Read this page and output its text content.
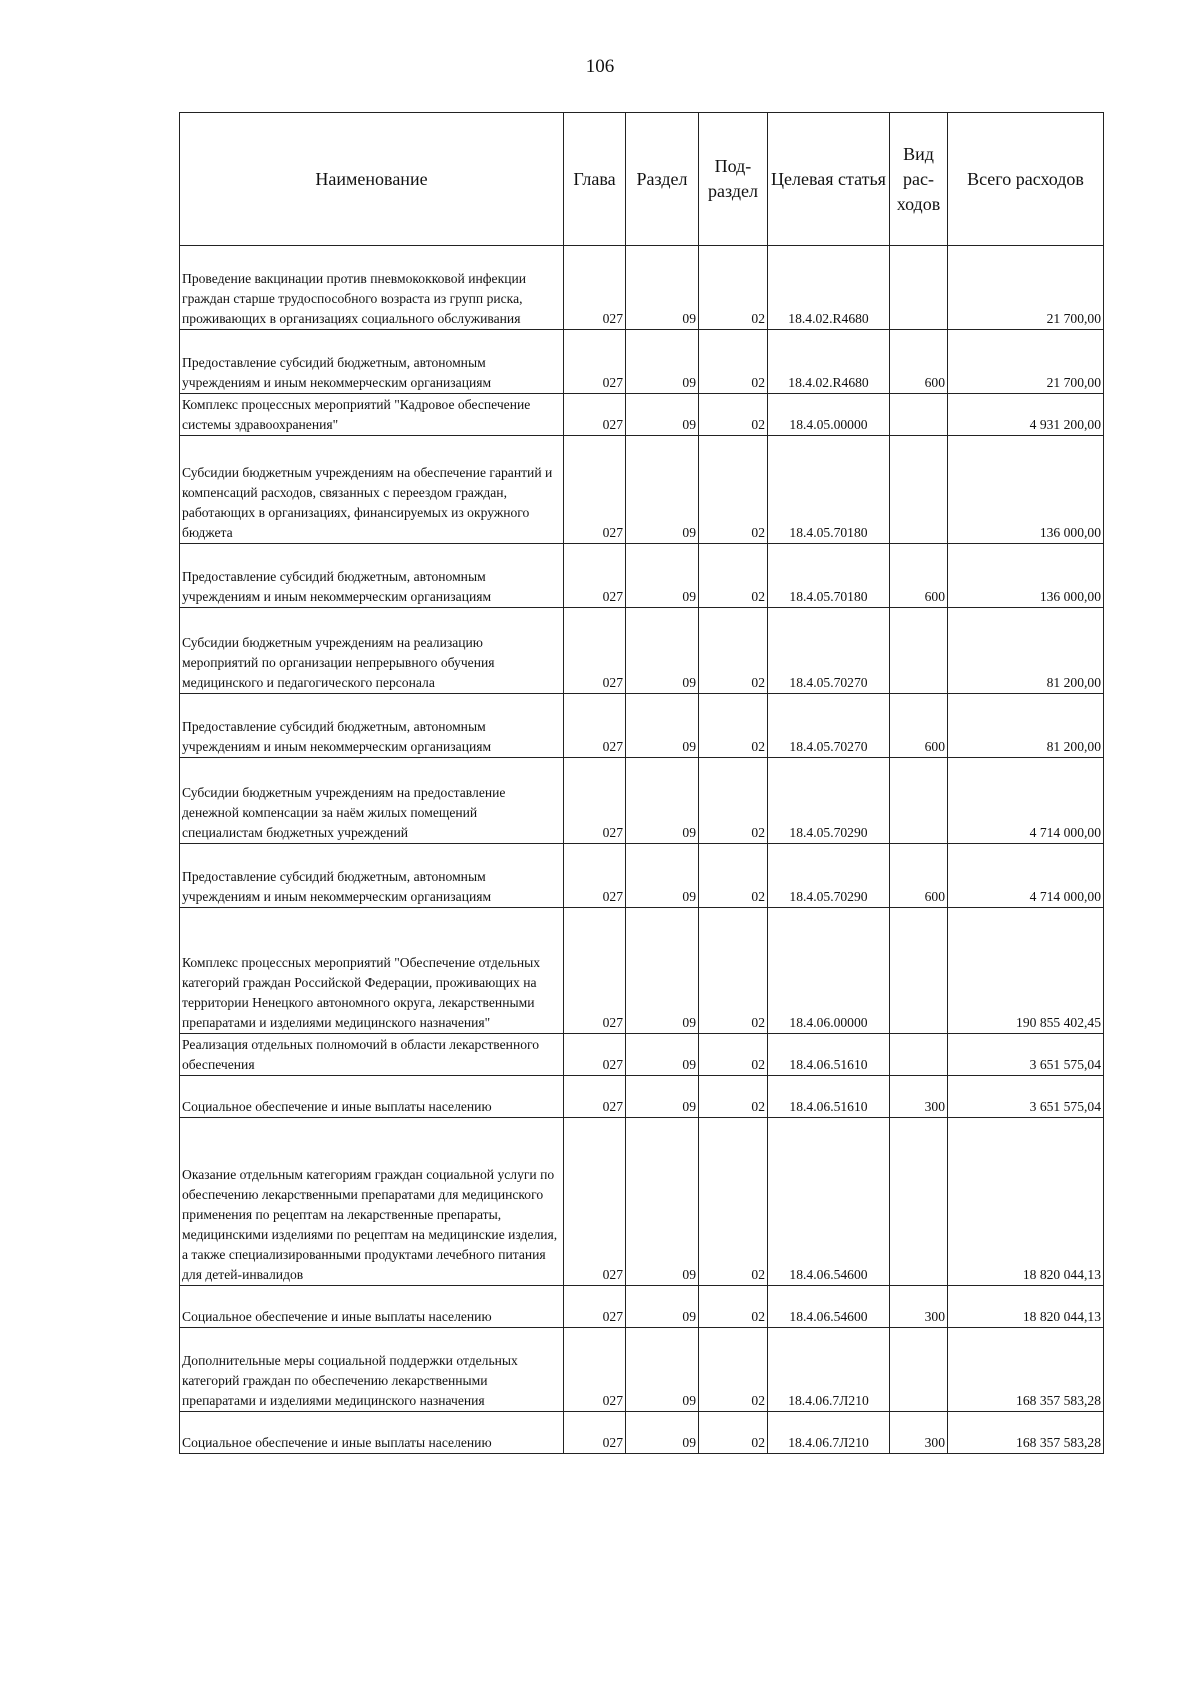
106
Наименование	Глава	Раздел	Под- раздел	Целевая статья	Вид рас- ходов	Всего расходов
Проведение вакцинации против пневмококковой инфекции граждан старше трудоспособного возраста из групп риска, проживающих в организациях социального обслуживания	027	09	02	18.4.02.R4680		21 700,00
Предоставление субсидий бюджетным, автономным учреждениям и иным некоммерческим организациям	027	09	02	18.4.02.R4680	600	21 700,00
Комплекс процессных мероприятий "Кадровое обеспечение системы здравоохранения"	027	09	02	18.4.05.00000		4 931 200,00
Субсидии бюджетным учреждениям на обеспечение гарантий и компенсаций расходов, связанных с переездом граждан, работающих в организациях, финансируемых из окружного бюджета	027	09	02	18.4.05.70180		136 000,00
Предоставление субсидий бюджетным, автономным учреждениям и иным некоммерческим организациям	027	09	02	18.4.05.70180	600	136 000,00
Субсидии бюджетным учреждениям на реализацию мероприятий по организации непрерывного обучения медицинского и педагогического персонала	027	09	02	18.4.05.70270		81 200,00
Предоставление субсидий бюджетным, автономным учреждениям и иным некоммерческим организациям	027	09	02	18.4.05.70270	600	81 200,00
Субсидии бюджетным учреждениям на предоставление денежной компенсации за наём жилых помещений специалистам бюджетных учреждений	027	09	02	18.4.05.70290		4 714 000,00
Предоставление субсидий бюджетным, автономным учреждениям и иным некоммерческим организациям	027	09	02	18.4.05.70290	600	4 714 000,00
Комплекс процессных мероприятий "Обеспечение отдельных категорий граждан Российской Федерации, проживающих на территории Ненецкого автономного округа, лекарственными препаратами и изделиями медицинского назначения"	027	09	02	18.4.06.00000		190 855 402,45
Реализация отдельных полномочий в области лекарственного обеспечения	027	09	02	18.4.06.51610		3 651 575,04
Социальное обеспечение и иные выплаты населению	027	09	02	18.4.06.51610	300	3 651 575,04
Оказание отдельным категориям граждан социальной услуги по обеспечению лекарственными препаратами для медицинского применения по рецептам на лекарственные препараты, медицинскими изделиями по рецептам на медицинские изделия, а также специализированными продуктами лечебного питания для детей-инвалидов	027	09	02	18.4.06.54600		18 820 044,13
Социальное обеспечение и иные выплаты населению	027	09	02	18.4.06.54600	300	18 820 044,13
Дополнительные меры социальной поддержки отдельных категорий граждан по обеспечению лекарственными препаратами и изделиями медицинского назначения	027	09	02	18.4.06.7Л210		168 357 583,28
Социальное обеспечение и иные выплаты населению	027	09	02	18.4.06.7Л210	300	168 357 583,28
